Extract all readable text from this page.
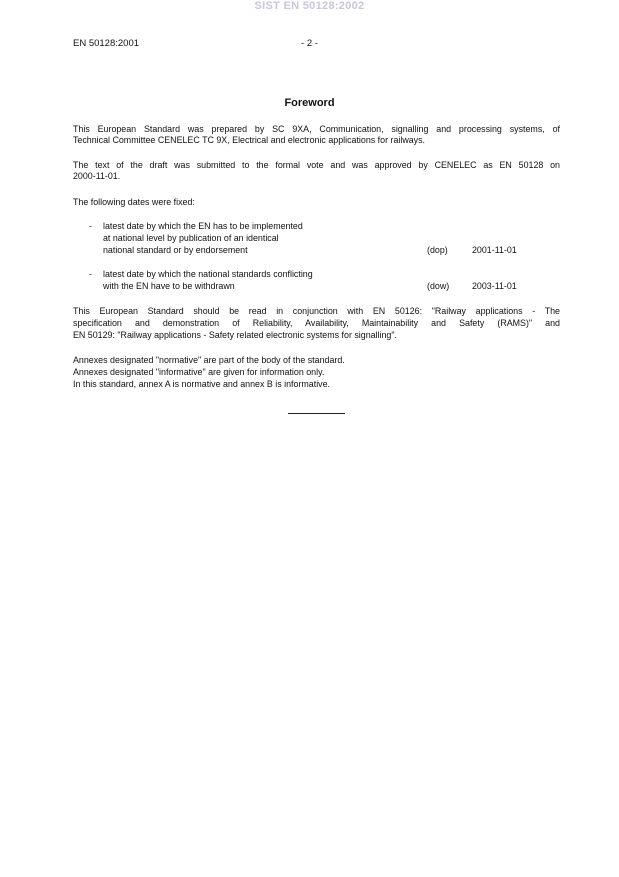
SIST EN 50128:2002
EN 50128:2001	- 2 -
Foreword
This European Standard was prepared by SC 9XA, Communication, signalling and processing systems, of
Technical Committee CENELEC TC 9X, Electrical and electronic applications for railways.
The text of the draft was submitted to the formal vote and was approved by CENELEC as EN 50128 on
2000-11-01.
The following dates were fixed:
- latest date by which the EN has to be implemented
at national level by publication of an identical
national standard or by endorsement	(dop)	2001-11-01
- latest date by which the national standards conflicting
with the EN have to be withdrawn	(dow)	2003-11-01
This European Standard should be read in conjunction with EN 50126: "Railway applications - The
specification and demonstration of Reliability, Availability, Maintainability and Safety (RAMS)" and
EN 50129: "Railway applications - Safety related electronic systems for signalling".
Annexes designated "normative" are part of the body of the standard.
Annexes designated "informative" are given for information only.
In this standard, annex A is normative and annex B is informative.
